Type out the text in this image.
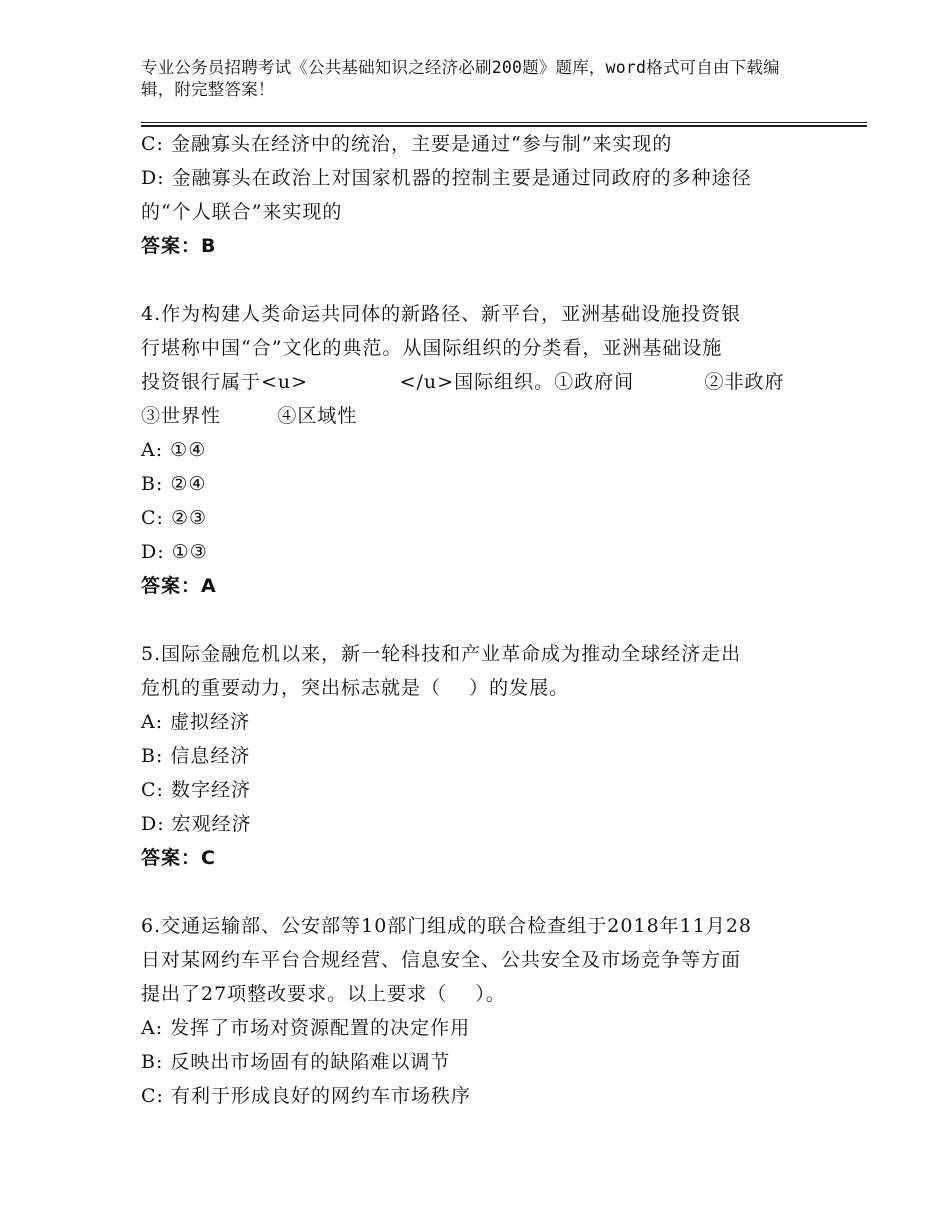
专业公务员招聘考试《公共基础知识之经济必刷200题》题库，word格式可自由下载编辑，附完整答案！
C: 金融寡头在经济中的统治，主要是通过“参与制”来实现的
D: 金融寡头在政治上对国家机器的控制主要是通过同政府的多种途径
的“个人联合”来实现的
答案：B
4.作为构建人类命运共同体的新路径、新平台，亚洲基础设施投资银
行堪称中国“合”文化的典范。从国际组织的分类看，亚洲基础设施
投资银行属于<u>             </u>国际组织。①政府间          ②非政府
③世界性        ④区域性
A: ①④
B: ②④
C: ②③
D: ①③
答案：A
5.国际金融危机以来，新一轮科技和产业革命成为推动全球经济走出
危机的重要动力，突出标志就是（    ）的发展。
A: 虚拟经济
B: 信息经济
C: 数字经济
D: 宏观经济
答案：C
6.交通运输部、公安部等10部门组成的联合检查组于2018年11月28
日对某网约车平台合规经营、信息安全、公共安全及市场竞争等方面
提出了27项整改要求。以上要求（    ）。
A: 发挥了市场对资源配置的决定作用
B: 反映出市场固有的缺陷难以调节
C: 有利于形成良好的网约车市场秩序
